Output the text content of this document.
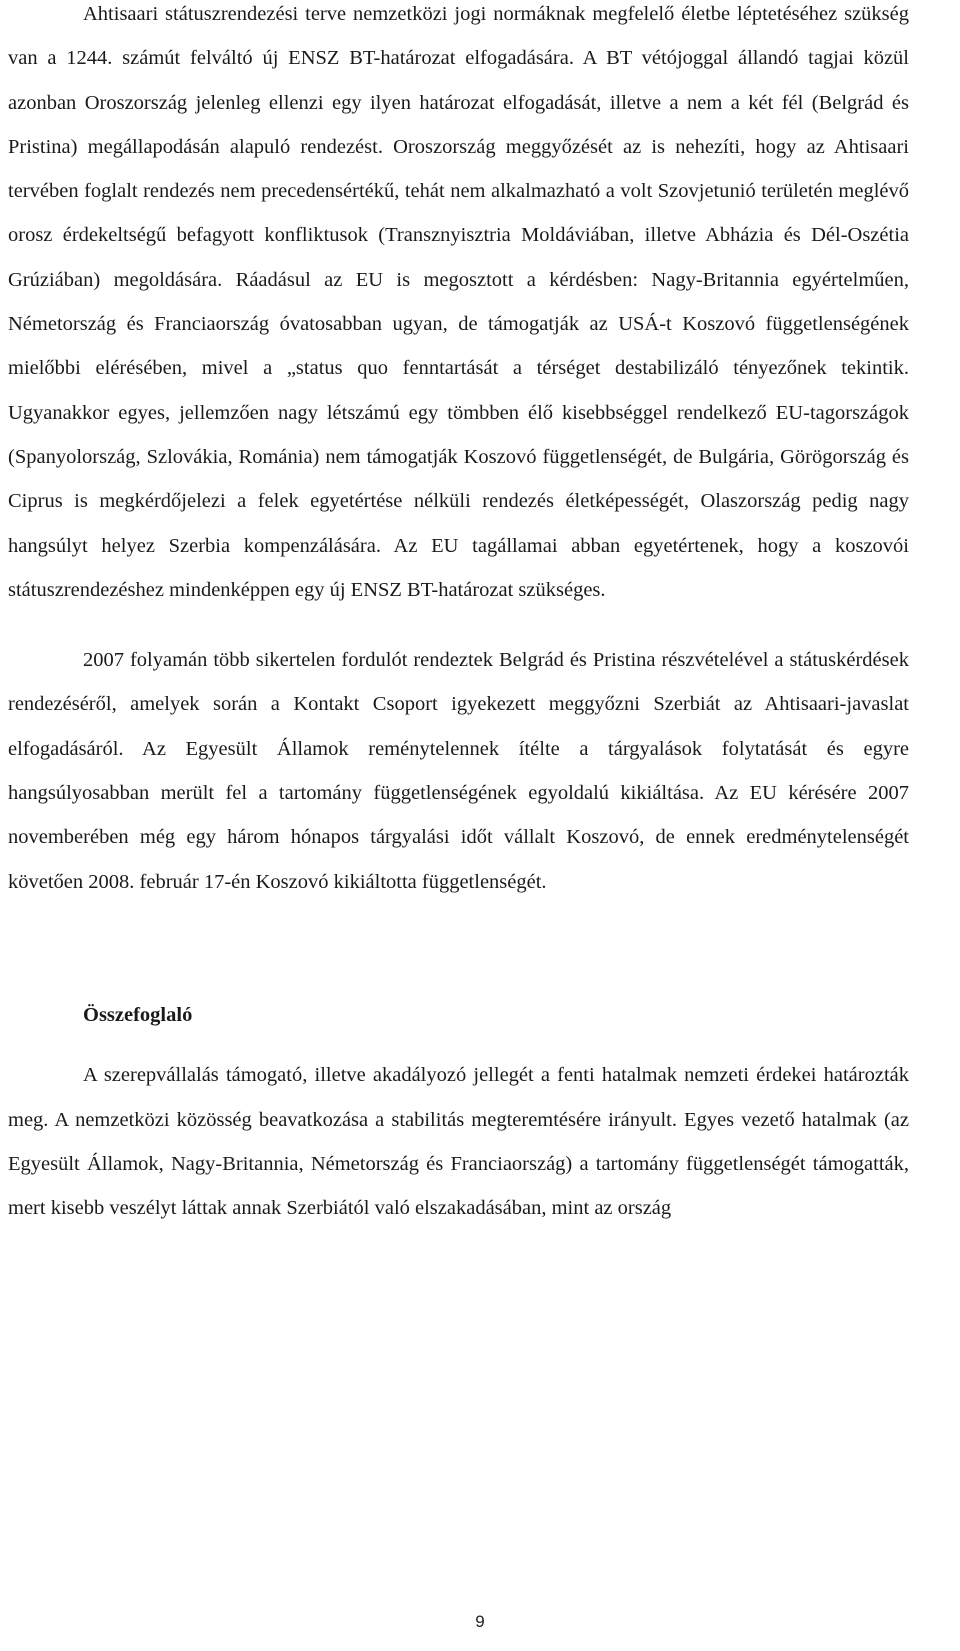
Ahtisaari státuszrendezési terve nemzetközi jogi normáknak megfelelő életbe léptetéséhez szükség van a 1244. számút felváltó új ENSZ BT-határozat elfogadására. A BT vétójoggal állandó tagjai közül azonban Oroszország jelenleg ellenzi egy ilyen határozat elfogadását, illetve a nem a két fél (Belgrád és Pristina) megállapodásán alapuló rendezést. Oroszország meggyőzését az is nehezíti, hogy az Ahtisaari tervében foglalt rendezés nem precedensértékű, tehát nem alkalmazható a volt Szovjetunió területén meglévő orosz érdekeltségű befagyott konfliktusok (Transznyisztria Moldáviában, illetve Abházia és Dél-Oszétia Grúziában) megoldására. Ráadásul az EU is megosztott a kérdésben: Nagy-Britannia egyértelműen, Németország és Franciaország óvatosabban ugyan, de támogatják az USÁ-t Koszovó függetlenségének mielőbbi elérésében, mivel a „status quo fenntartását a térséget destabilizáló tényezőnek tekintik. Ugyanakkor egyes, jellemzően nagy létszámú egy tömbben élő kisebbséggel rendelkező EU-tagországok (Spanyolország, Szlovákia, Románia) nem támogatják Koszovó függetlenségét, de Bulgária, Görögország és Ciprus is megkérdőjelezi a felek egyetértése nélküli rendezés életképességét, Olaszország pedig nagy hangsúlyt helyez Szerbia kompenzálására. Az EU tagállamai abban egyetértenek, hogy a koszovói státuszrendezéshez mindenképpen egy új ENSZ BT-határozat szükséges.

2007 folyamán több sikertelen fordulót rendeztek Belgrád és Pristina részvételével a státuskérdések rendezéséről, amelyek során a Kontakt Csoport igyekezett meggyőzni Szerbiát az Ahtisaari-javaslat elfogadásáról. Az Egyesült Államok reménytelennek ítélte a tárgyalások folytatását és egyre hangsúlyosabban merült fel a tartomány függetlenségének egyoldalú kikiáltása. Az EU kérésére 2007 novemberében még egy három hónapos tárgyalási időt vállalt Koszovó, de ennek eredménytelenségét követően 2008. február 17-én Koszovó kikiáltotta függetlenségét.

Összefoglaló

A szerepvállalás támogató, illetve akadályozó jellegét a fenti hatalmak nemzeti érdekei határozták meg. A nemzetközi közösség beavatkozása a stabilitás megteremtésére irányult. Egyes vezető hatalmak (az Egyesült Államok, Nagy-Britannia, Németország és Franciaország) a tartomány függetlenségét támogatták, mert kisebb veszélyt láttak annak Szerbiától való elszakadásában, mint az ország

9
